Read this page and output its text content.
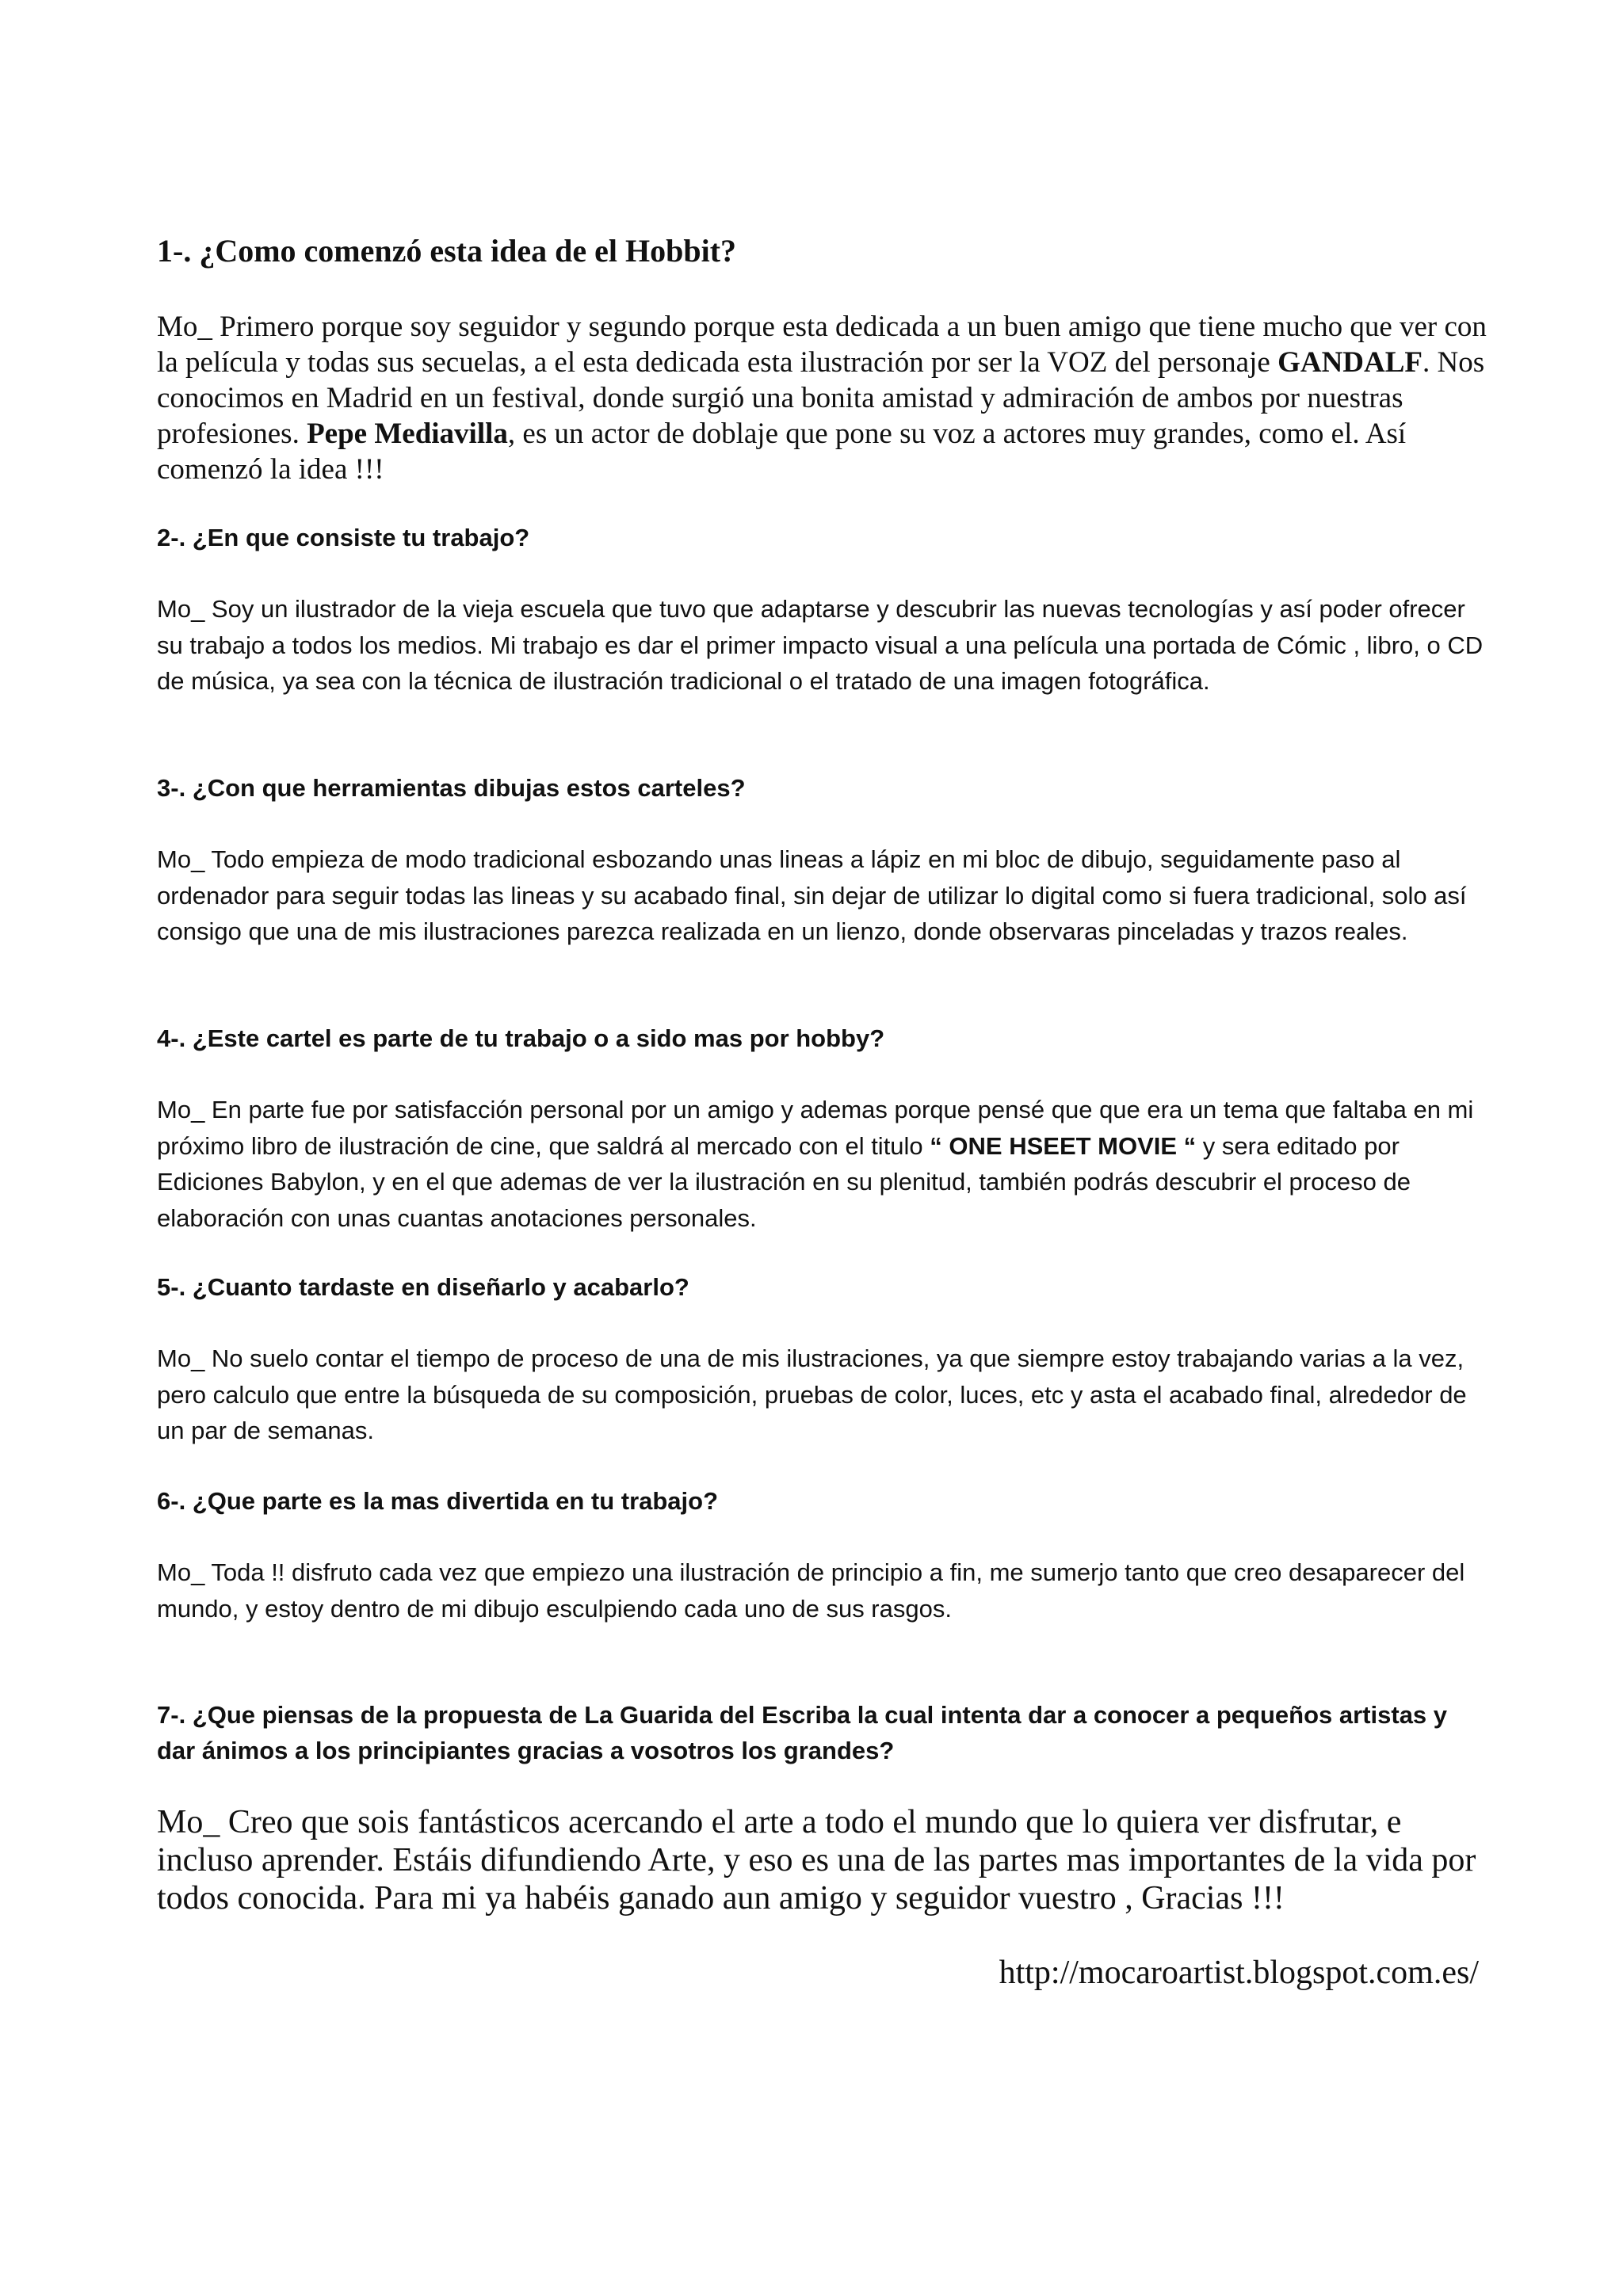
1-. ¿Como comenzó esta idea de el Hobbit?

Mo_ Primero porque soy seguidor y segundo porque esta dedicada a un buen amigo que tiene mucho que ver con la película y todas sus secuelas, a el esta dedicada esta ilustración por ser la VOZ del personaje GANDALF. Nos conocimos en Madrid en un festival, donde surgió una bonita amistad y admiración de ambos por nuestras profesiones. Pepe Mediavilla, es un actor de doblaje que pone su voz a actores muy grandes, como el. Así comenzó la idea !!!

2-. ¿En que consiste tu trabajo?

Mo_ Soy un ilustrador de la vieja escuela que tuvo que adaptarse y descubrir las nuevas tecnologías y así poder ofrecer su trabajo a todos los medios. Mi trabajo es dar el primer impacto visual a una película una portada de Cómic , libro, o CD de música, ya sea con la técnica de ilustración tradicional o el tratado de una imagen fotográfica.

3-. ¿Con que herramientas dibujas estos carteles?

Mo_ Todo empieza de modo tradicional esbozando unas lineas a lápiz en mi bloc de dibujo, seguidamente paso al ordenador para seguir todas las lineas y su acabado final, sin dejar de utilizar lo digital como si fuera tradicional, solo así consigo que una de mis ilustraciones parezca realizada en un lienzo, donde observaras pinceladas y trazos reales.

4-. ¿Este cartel es parte de tu trabajo o a sido mas por hobby?

Mo_ En parte fue por satisfacción personal por un amigo y ademas porque pensé que que era un tema que faltaba en mi próximo libro de ilustración de cine, que saldrá al mercado con el titulo “ ONE HSEET MOVIE “ y sera editado por Ediciones Babylon, y en el que ademas de ver la ilustración en su plenitud, también podrás descubrir el proceso de elaboración con unas cuantas anotaciones personales.

5-. ¿Cuanto tardaste en diseñarlo y acabarlo?

Mo_ No suelo contar el tiempo de proceso de una de mis ilustraciones, ya que siempre estoy trabajando varias a la vez, pero calculo que entre la búsqueda de su composición, pruebas de color, luces, etc y asta el acabado final, alrededor de un par de semanas.

6-. ¿Que parte es la mas divertida en tu trabajo?

Mo_ Toda !! disfruto cada vez que empiezo una ilustración de principio a fin, me sumerjo tanto que creo desaparecer del mundo, y estoy dentro de mi dibujo esculpiendo cada uno de sus rasgos.

7-. ¿Que piensas de la propuesta de La Guarida del Escriba la cual intenta dar a conocer a pequeños artistas y dar ánimos a los principiantes gracias a vosotros los grandes?

Mo_ Creo que sois fantásticos acercando el arte a todo el mundo que lo quiera ver disfrutar, e incluso aprender. Estáis difundiendo Arte, y eso es una de las partes mas importantes de la vida por todos conocida. Para mi ya habéis ganado aun amigo y seguidor vuestro , Gracias !!!

http://mocaroartist.blogspot.com.es/
